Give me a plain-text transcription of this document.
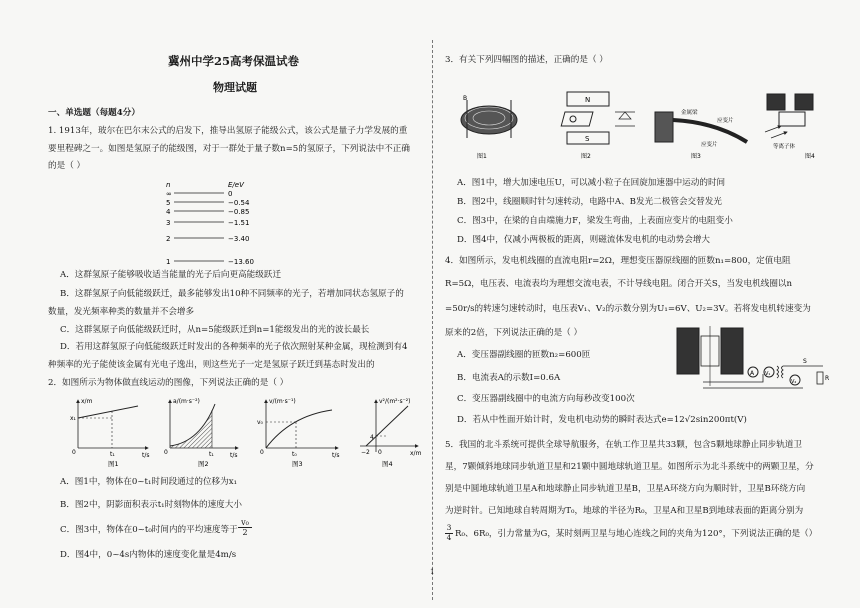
冀州中学25高考保温试卷
物理试题
一、单选题（每题4分）
1. 1913年，玻尔在巴尔末公式的启发下，推导出氢原子能级公式，该公式是量子力学发展的重
要里程碑之一。如图是氢原子的能级图，对于一群处于量子数n=5的氢原子，下列说法中不正确
的是（ ）
n	E/eV
∞	0
5	−0.54
4	−0.85
3	−1.51
2	−3.40
1	−13.60
A．这群氢原子能够吸收适当能量的光子后向更高能级跃迁
B．这群氢原子向低能级跃迁，最多能够发出10种不同频率的光子，若增加同状态氢原子的
数量，发光频率种类的数量并不会增多
C．这群氢原子向低能级跃迁时，从n=5能级跃迁到n=1能级发出的光的波长最长
D．若用这群氢原子向低能级跃迁时发出的各种频率的光子依次照射某种金属，现检测到有4
种频率的光子能使该金属有光电子逸出，则这些光子一定是氢原子跃迁到基态时发出的
2．如图所示为物体做直线运动的图像，下列说法正确的是（ ）
x/m
t/s
x₁
t₁
0
图1
a/(m·s⁻²)
t/s
0	t₁
图2
v/(m·s⁻¹)
t/s
v₀
t₀
0
图3
v²/(m²·s⁻²)
x/m
−2 0
4
图4
A．图1中，物体在0~t₁时间段通过的位移为x₁
B．图2中，阴影面积表示t₁时刻物体的速度大小
C．图3中，物体在0~t₀时间内的平均速度等于 $\frac{\text{v₀}}{2}$
D．图4中，0~4s内物体的速度变化量是4m/s
3．有关下列四幅图的描述，正确的是（ ）
B
图1
N
S
图2
金属梁
应变片
应变片
图3
等离子体
图4
A．图1中，增大加速电压U，可以减小粒子在回旋加速器中运动的时间
B．图2中，线圈顺时针匀速转动，电路中A、B发光二极管会交替发光
C．图3中，在梁的自由端施力F，梁发生弯曲，上表面应变片的电阻变小
D．图4中，仅减小两极板的距离，则磁流体发电机的电动势会增大
4．如图所示，发电机线圈的直流电阻r=2Ω，理想变压器原线圈的匝数n₁=800，定值电阻
R=5Ω，电压表、电流表均为理想交流电表，不计导线电阻。闭合开关S，当发电机线圈以n
=50r/s的转速匀速转动时，电压表V₁、V₂的示数分别为U₁=6V、U₂=3V。若将发电机转速变为
原来的2倍，下列说法正确的是（ ）
A V₁
V₂
S
R
A．变压器副线圈的匝数n₂=600匝
B．电流表A的示数I=0.6A
C．变压器副线圈中的电流方向每秒改变100次
D．若从中性面开始计时，发电机电动势的瞬时表达式e=12√2sin200πt(V)
5．我国的北斗系统可提供全球导航服务，在轨工作卫星共33颗，包含5颗地球静止同步轨道卫
星，7颗倾斜地球同步轨道卫星和21颗中圆地球轨道卫星。如图所示为北斗系统中的两颗卫星，分
别是中圆地球轨道卫星A和地球静止同步轨道卫星B，卫星A环绕方向为顺时针，卫星B环绕方向
为逆时针。已知地球自转周期为T₀，地球的半径为R₀，卫星A和卫星B到地球表面的距离分别为
$\frac{3}{4} R_0$、6R₀，引力常量为G，某时刻两卫星与地心连线之间的夹角为120°，下列说法正确的是（）
1
